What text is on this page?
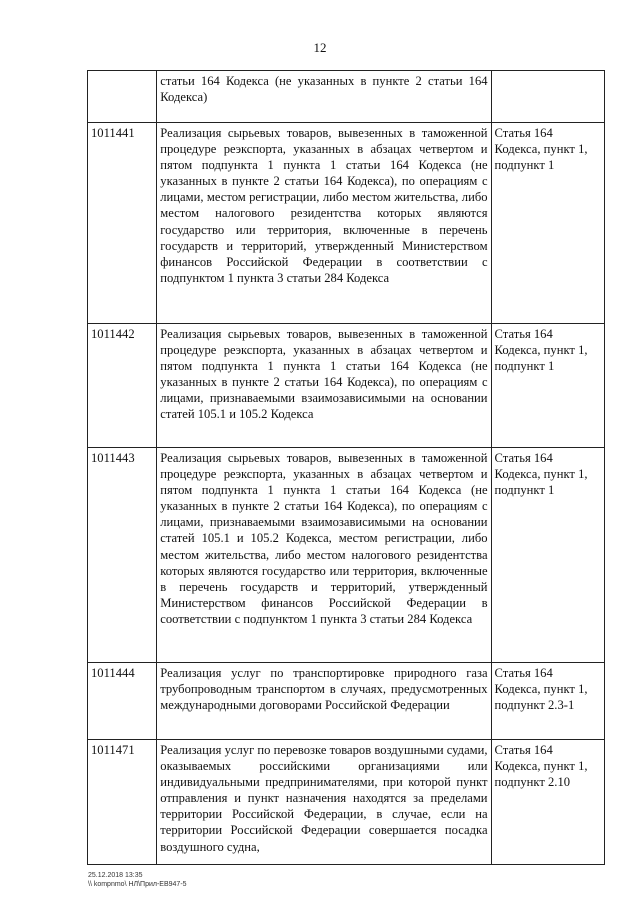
12
	статьи 164 Кодекса (не указанных в пункте 2 статьи 164 Кодекса)	
1011441	Реализация сырьевых товаров, вывезенных в таможенной процедуре реэкспорта, указанных в абзацах четвертом и пятом подпункта 1 пункта 1 статьи 164 Кодекса (не указанных в пункте 2 статьи 164 Кодекса), по операциям с лицами, местом регистрации, либо местом жительства, либо местом налогового резидентства которых являются государство или территория, включенные в перечень государств и территорий, утвержденный Министерством финансов Российской Федерации в соответствии с подпунктом 1 пункта 3 статьи 284 Кодекса	Статья 164 Кодекса, пункт 1, подпункт 1
1011442	Реализация сырьевых товаров, вывезенных в таможенной процедуре реэкспорта, указанных в абзацах четвертом и пятом подпункта 1 пункта 1 статьи 164 Кодекса (не указанных в пункте 2 статьи 164 Кодекса), по операциям с лицами, признаваемыми взаимозависимыми на основании статей 105.1 и 105.2 Кодекса	Статья 164 Кодекса, пункт 1, подпункт 1
1011443	Реализация сырьевых товаров, вывезенных в таможенной процедуре реэкспорта, указанных в абзацах четвертом и пятом подпункта 1 пункта 1 статьи 164 Кодекса (не указанных в пункте 2 статьи 164 Кодекса), по операциям с лицами, признаваемыми взаимозависимыми на основании статей 105.1 и 105.2 Кодекса, местом регистрации, либо местом жительства, либо местом налогового резидентства которых являются государство или территория, включенные в перечень государств и территорий, утвержденный Министерством финансов Российской Федерации в соответствии с подпунктом 1 пункта 3 статьи 284 Кодекса	Статья 164 Кодекса, пункт 1, подпункт 1
1011444	Реализация услуг по транспортировке природного газа трубопроводным транспортом в случаях, предусмотренных международными договорами Российской Федерации	Статья 164 Кодекса, пункт 1, подпункт 2.3-1
1011471	Реализация услуг по перевозке товаров воздушными судами, оказываемых российскими организациями или индивидуальными предпринимателями, при которой пункт отправления и пункт назначения находятся за пределами территории Российской Федерации, в случае, если на территории Российской Федерации совершается посадка воздушного судна,	Статья 164 Кодекса, пункт 1, подпункт 2.10
25.12.2018 13:35
\\ kompnmo\ НЛ\Прил-ЕВ947-5
